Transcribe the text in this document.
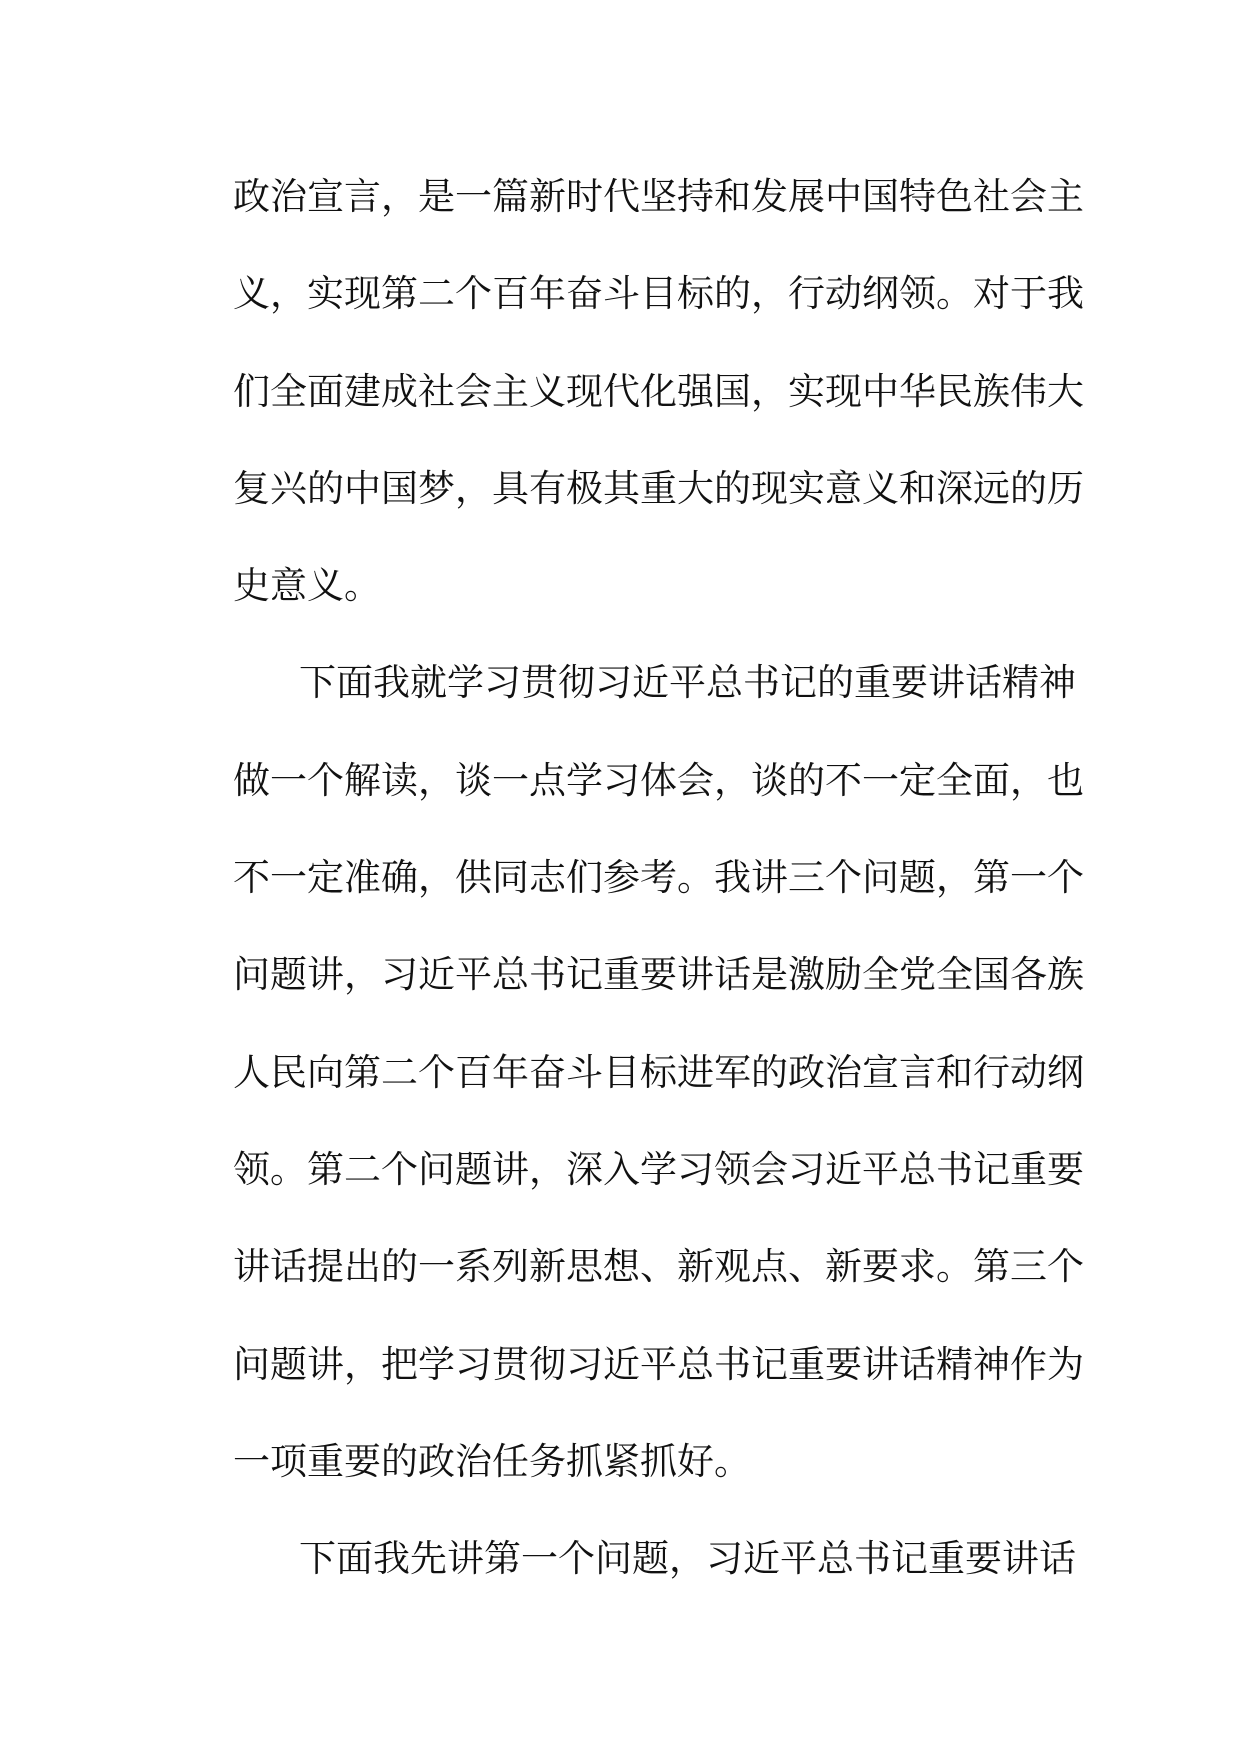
政治宣言，是一篇新时代坚持和发展中国特色社会主
义，实现第二个百年奋斗目标的，行动纲领。对于我
们全面建成社会主义现代化强国，实现中华民族伟大
复兴的中国梦，具有极其重大的现实意义和深远的历
史意义。
下面我就学习贯彻习近平总书记的重要讲话精神
做一个解读，谈一点学习体会，谈的不一定全面，也
不一定准确，供同志们参考。我讲三个问题，第一个
问题讲，习近平总书记重要讲话是激励全党全国各族
人民向第二个百年奋斗目标进军的政治宣言和行动纲
领。第二个问题讲，深入学习领会习近平总书记重要
讲话提出的一系列新思想、新观点、新要求。第三个
问题讲，把学习贯彻习近平总书记重要讲话精神作为
一项重要的政治任务抓紧抓好。
下面我先讲第一个问题，习近平总书记重要讲话
